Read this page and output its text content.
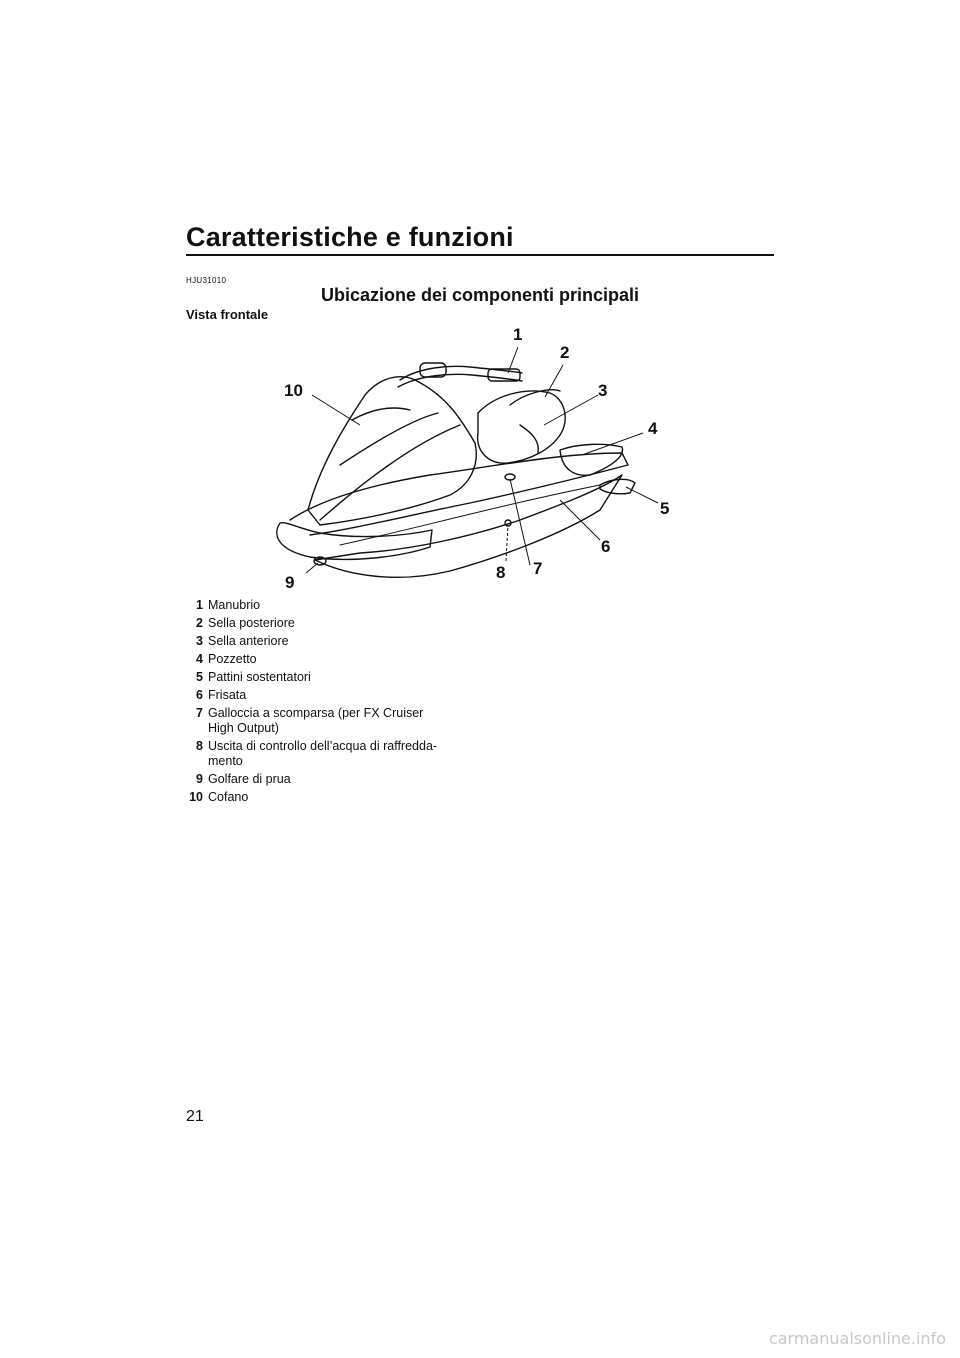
Caratteristiche e funzioni
HJU31010
Ubicazione dei componenti principali
Vista frontale
1
2
3
4
5
6
7
8
9
10
1 Manubrio
2 Sella posteriore
3 Sella anteriore
4 Pozzetto
5 Pattini sostentatori
6 Frisata
7 Galloccia a scomparsa (per FX Cruiser High Output)
8 Uscita di controllo dell’acqua di raffredda-mento
9 Golfare di prua
10 Cofano
21
carmanualsonline.info
